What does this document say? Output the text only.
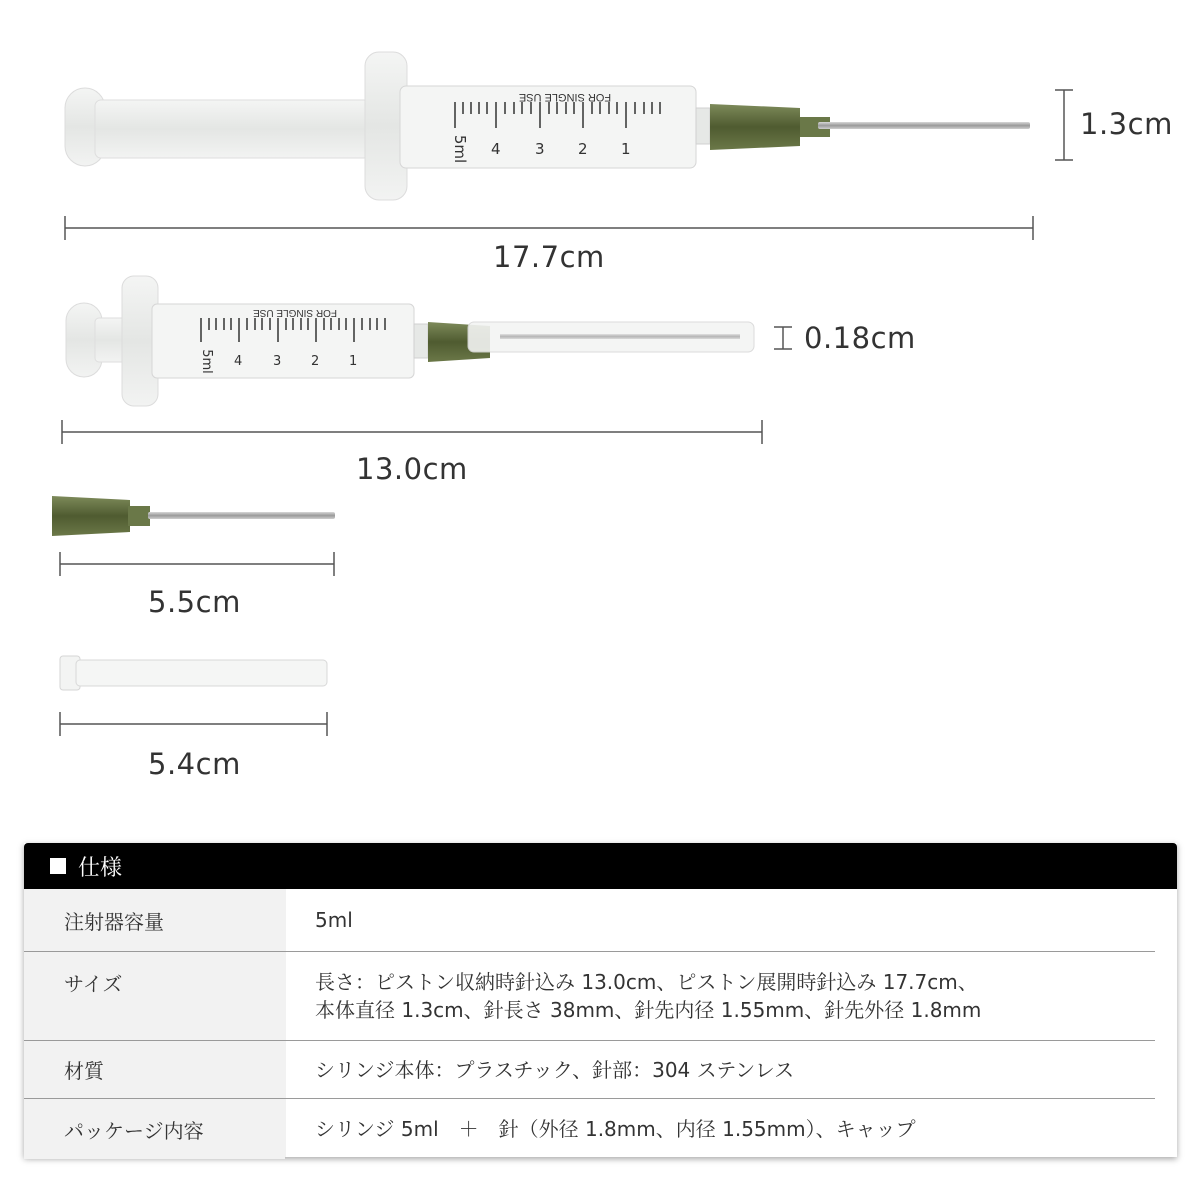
FOR SINGLE USE
FOR SINGLE USE
5ml 4 3 2 1
5ml 4 3 2 1
1.3cm
17.7cm
0.18cm
13.0cm
5.5cm
5.4cm
仕様
注射器容量	5ml
サイズ	長さ：ピストン収納時針込み 13.0cm、ピストン展開時針込み 17.7cm、
本体直径 1.3cm、針長さ 38mm、針先内径 1.55mm、針先外径 1.8mm
材質	シリンジ本体：プラスチック、針部：304 ステンレス
パッケージ内容	シリンジ 5ml　＋　針（外径 1.8mm、内径 1.55mm）、キャップ
